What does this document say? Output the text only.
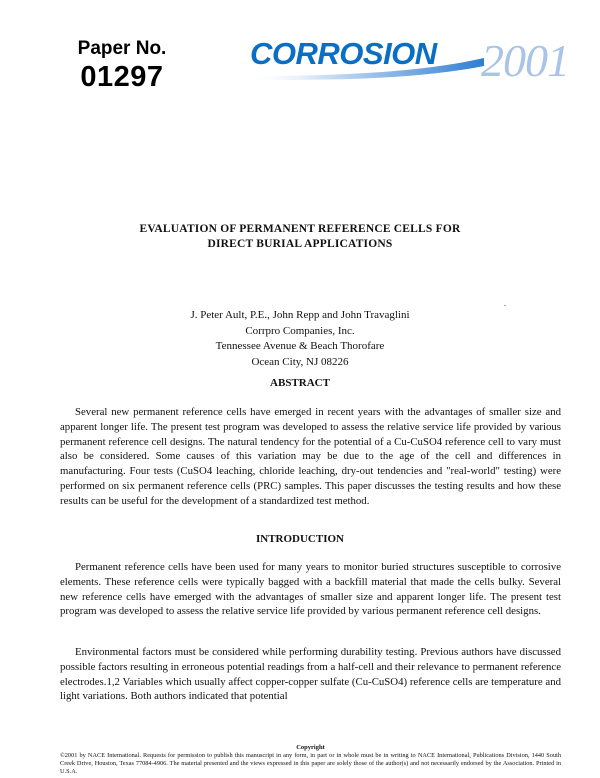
Paper No.
01297
CORROSION 2001
EVALUATION OF PERMANENT REFERENCE CELLS FOR
DIRECT BURIAL APPLICATIONS
.
J. Peter Ault, P.E., John Repp and John Travaglini
Corrpro Companies, Inc.
Tennessee Avenue & Beach Thorofare
Ocean City, NJ 08226
ABSTRACT
Several new permanent reference cells have emerged in recent years with the advantages of smaller size and apparent longer life. The present test program was developed to assess the relative service life provided by various permanent reference cell designs. The natural tendency for the potential of a Cu-CuSO4 reference cell to vary must also be considered. Some causes of this variation may be due to the age of the cell and differences in manufacturing. Four tests (CuSO4 leaching, chloride leaching, dry-out tendencies and "real-world" testing) were performed on six permanent reference cells (PRC) samples. This paper discusses the testing results and how these results can be useful for the development of a standardized test method.
INTRODUCTION
Permanent reference cells have been used for many years to monitor buried structures susceptible to corrosive elements. These reference cells were typically bagged with a backfill material that made the cells bulky. Several new reference cells have emerged with the advantages of smaller size and apparent longer life. The present test program was developed to assess the relative service life provided by various permanent reference cell designs.
Environmental factors must be considered while performing durability testing. Previous authors have discussed possible factors resulting in erroneous potential readings from a half-cell and their relevance to permanent reference electrodes.1,2 Variables which usually affect copper-copper sulfate (Cu-CuSO4) reference cells are temperature and light variations. Both authors indicated that potential
Copyright
©2001 by NACE International. Requests for permission to publish this manuscript in any form, in part or in whole must be in writing to NACE International, Publications Division, 1440 South Creek Drive, Houston, Texas 77084-4906. The material presented and the views expressed in this paper are solely those of the author(s) and not necessarily endorsed by the Association. Printed in U.S.A.
